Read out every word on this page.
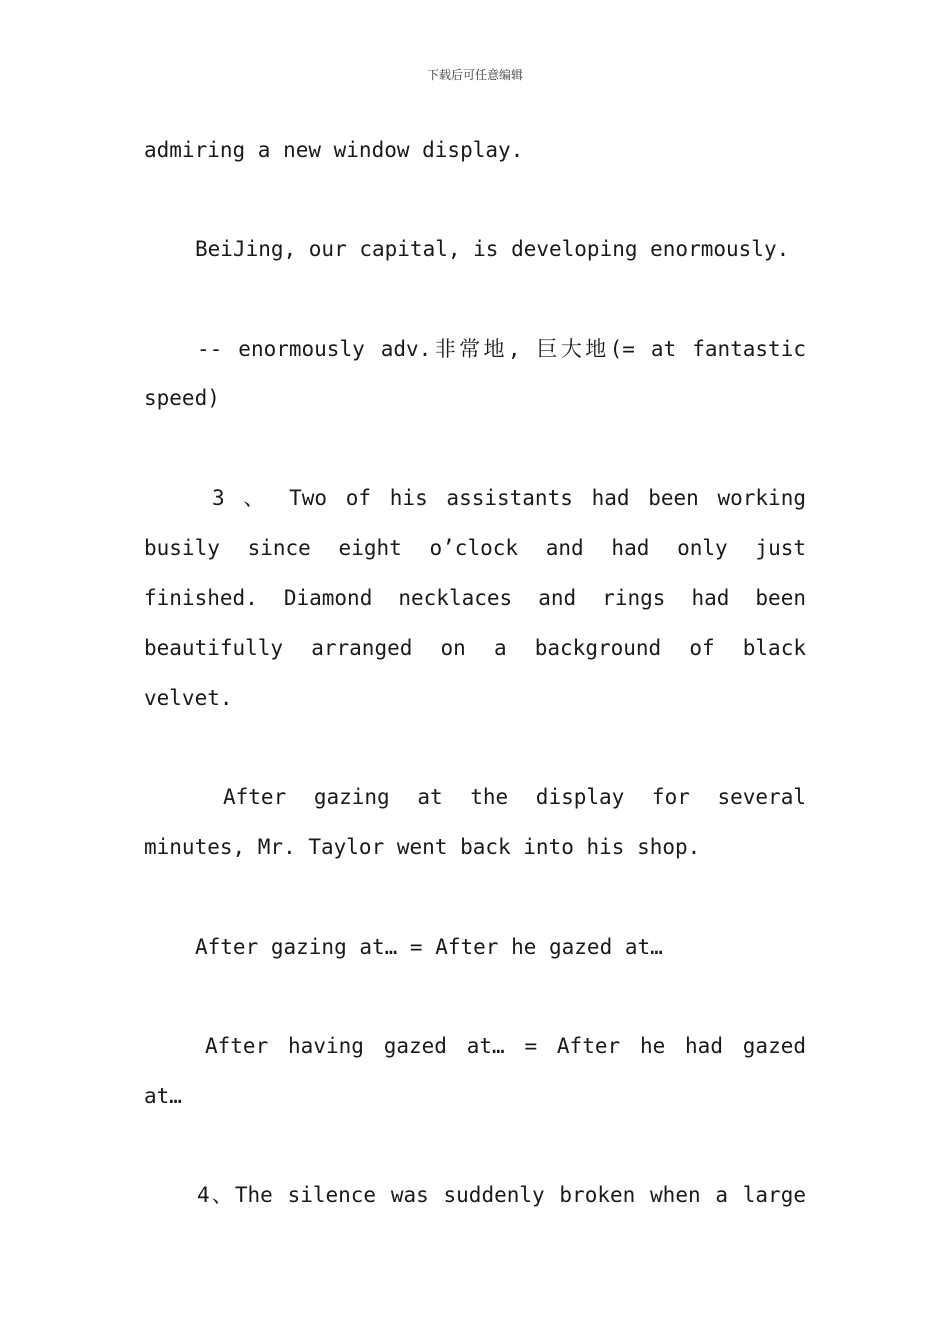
下载后可任意编辑
admiring a new window display.
BeiJing, our capital, is developing enormously.
-- enormously adv.非常地, 巨大地(= at fantastic
speed)
3 、 Two of his assistants had been working
busily since eight o’clock and had only just
finished. Diamond necklaces and rings had been
beautifully arranged on a background of black
velvet.
After gazing at the display for several
minutes, Mr. Taylor went back into his shop.
After gazing at… = After he gazed at…
After having gazed at… = After he had gazed
at…
4、The silence was suddenly broken when a large
